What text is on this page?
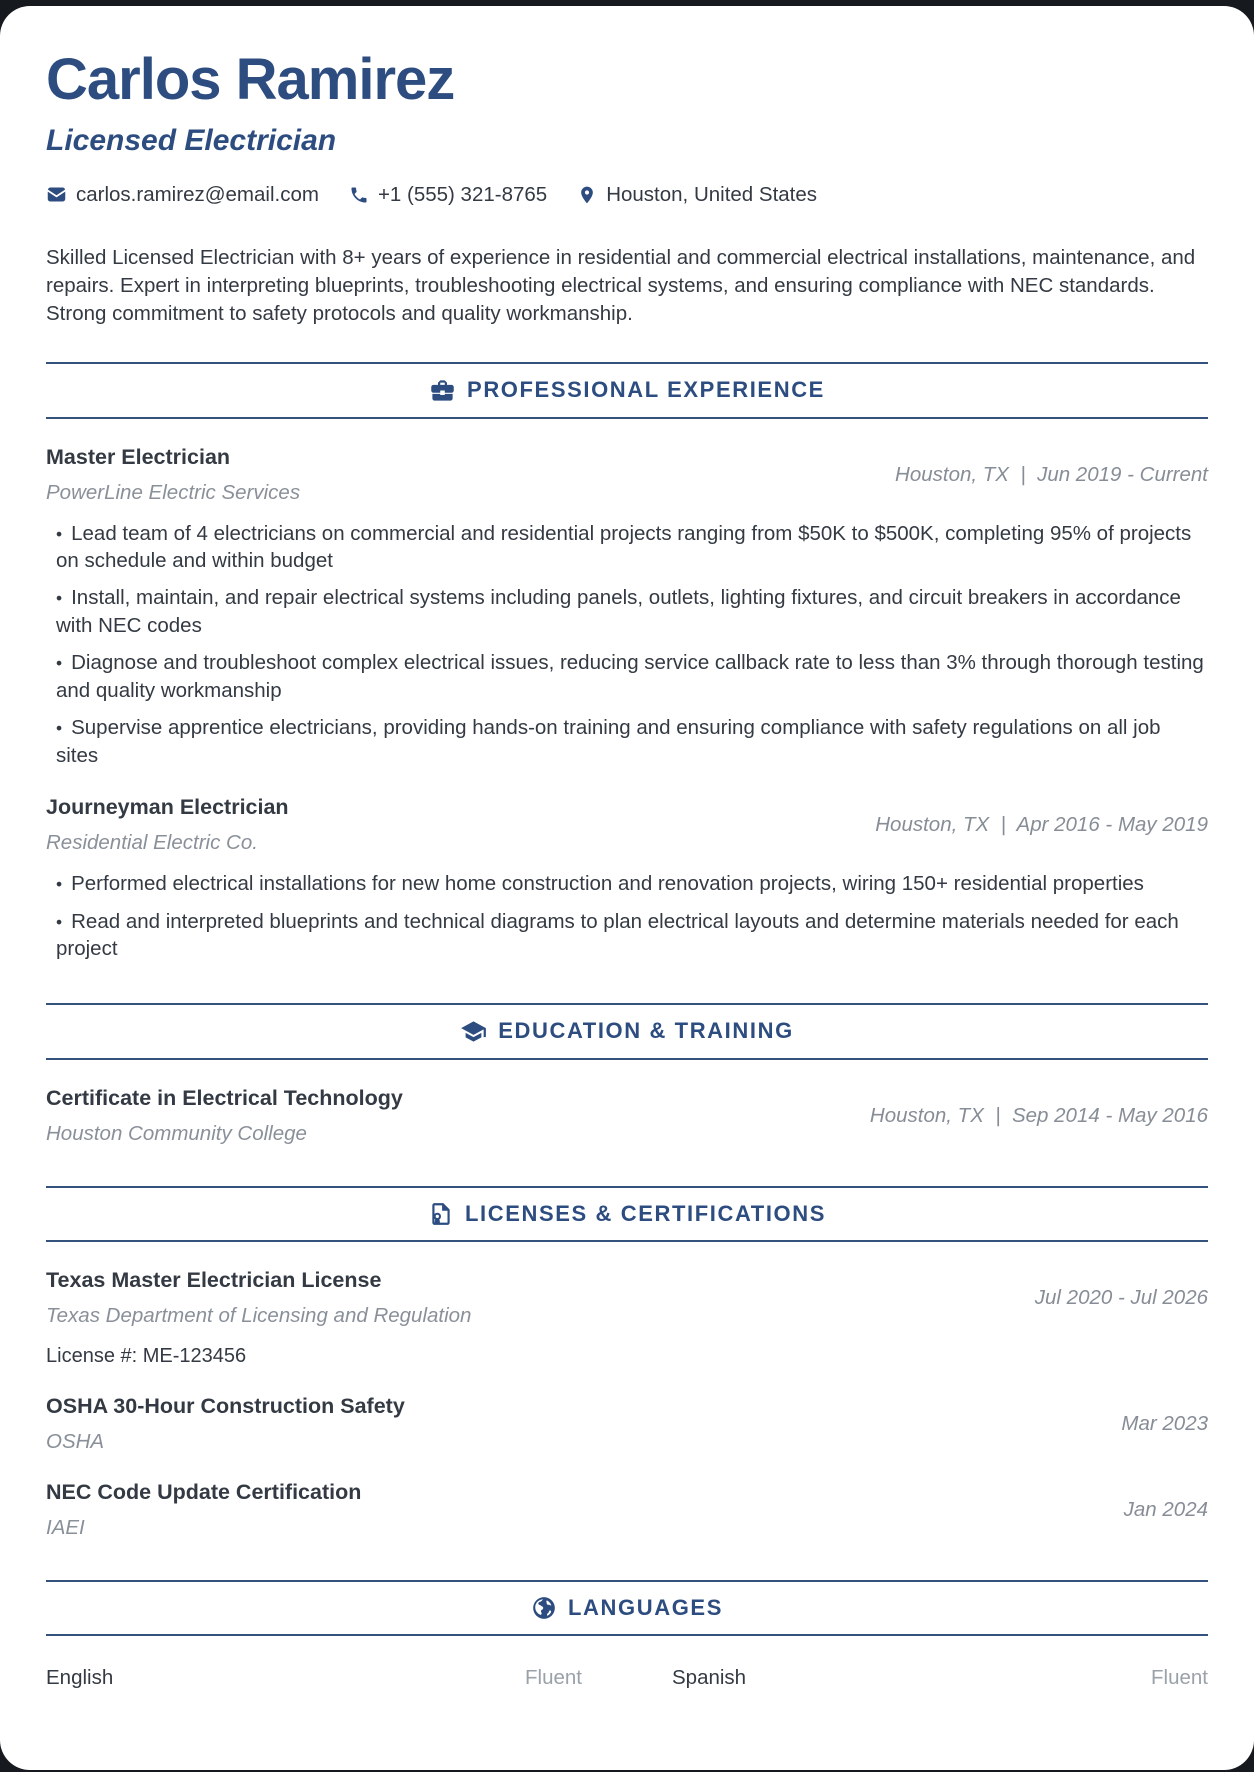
Carlos Ramirez
Licensed Electrician
carlos.ramirez@email.com	+1 (555) 321-8765	Houston, United States
Skilled Licensed Electrician with 8+ years of experience in residential and commercial electrical installations, maintenance, and repairs. Expert in interpreting blueprints, troubleshooting electrical systems, and ensuring compliance with NEC standards. Strong commitment to safety protocols and quality workmanship.
PROFESSIONAL EXPERIENCE
Master Electrician
PowerLine Electric Services
Houston, TX  |  Jun 2019 - Current
• Lead team of 4 electricians on commercial and residential projects ranging from $50K to $500K, completing 95% of projects on schedule and within budget
• Install, maintain, and repair electrical systems including panels, outlets, lighting fixtures, and circuit breakers in accordance with NEC codes
• Diagnose and troubleshoot complex electrical issues, reducing service callback rate to less than 3% through thorough testing and quality workmanship
• Supervise apprentice electricians, providing hands-on training and ensuring compliance with safety regulations on all job sites
Journeyman Electrician
Residential Electric Co.
Houston, TX  |  Apr 2016 - May 2019
• Performed electrical installations for new home construction and renovation projects, wiring 150+ residential properties
• Read and interpreted blueprints and technical diagrams to plan electrical layouts and determine materials needed for each project
EDUCATION & TRAINING
Certificate in Electrical Technology
Houston Community College
Houston, TX  |  Sep 2014 - May 2016
LICENSES & CERTIFICATIONS
Texas Master Electrician License
Texas Department of Licensing and Regulation
Jul 2020 - Jul 2026
License #: ME-123456
OSHA 30-Hour Construction Safety
OSHA
Mar 2023
NEC Code Update Certification
IAEI
Jan 2024
LANGUAGES
English	Fluent	Spanish	Fluent
